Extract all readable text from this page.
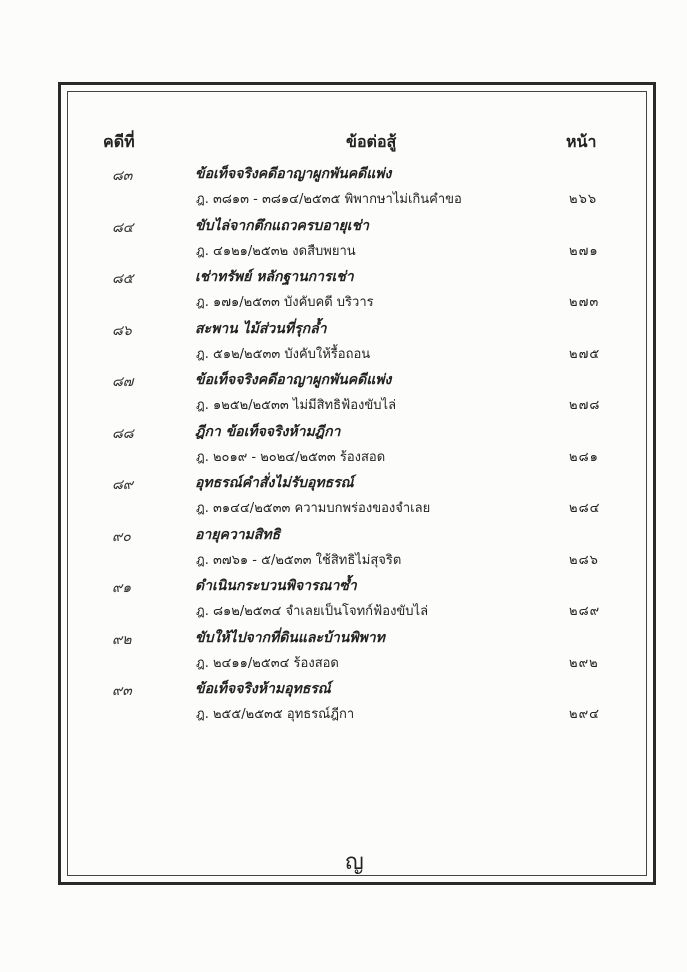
คดีที่	ข้อต่อสู้	หน้า
๘๓	ข้อเท็จจริงคดีอาญาผูกพันคดีแพ่ง
ฎ. ๓๘๑๓ - ๓๘๑๔/๒๕๓๕ พิพากษาไม่เกินคำขอ	๒๖๖
๘๔	ขับไล่จากตึกแถวครบอายุเช่า
ฎ. ๔๑๒๑/๒๕๓๒ งดสืบพยาน	๒๗๑
๘๕	เช่าทรัพย์ หลักฐานการเช่า
ฎ. ๑๗๑/๒๕๓๓ บังคับคดี บริวาร	๒๗๓
๘๖	สะพาน ไม้ส่วนที่รุกล้ำ
ฎ. ๕๑๒/๒๕๓๓ บังคับให้รื้อถอน	๒๗๕
๘๗	ข้อเท็จจริงคดีอาญาผูกพันคดีแพ่ง
ฎ. ๑๒๕๒/๒๕๓๓ ไม่มีสิทธิฟ้องขับไล่	๒๗๘
๘๘	ฎีกา ข้อเท็จจริงห้ามฎีกา
ฎ. ๒๐๑๙ - ๒๐๒๔/๒๕๓๓ ร้องสอด	๒๘๑
๘๙	อุทธรณ์คำสั่งไม่รับอุทธรณ์
ฎ. ๓๑๔๔/๒๕๓๓ ความบกพร่องของจำเลย	๒๘๔
๙๐	อายุความสิทธิ
ฎ. ๓๗๖๑ - ๕/๒๕๓๓ ใช้สิทธิไม่สุจริต	๒๘๖
๙๑	ดำเนินกระบวนพิจารณาซ้ำ
ฎ. ๘๑๒/๒๕๓๔ จำเลยเป็นโจทก์ฟ้องขับไล่	๒๘๙
๙๒	ขับให้ไปจากที่ดินและบ้านพิพาท
ฎ. ๒๔๑๑/๒๕๓๔ ร้องสอด	๒๙๒
๙๓	ข้อเท็จจริงห้ามอุทธรณ์
ฎ. ๒๕๕/๒๕๓๕ อุทธรณ์ฎีกา	๒๙๔
ญ
